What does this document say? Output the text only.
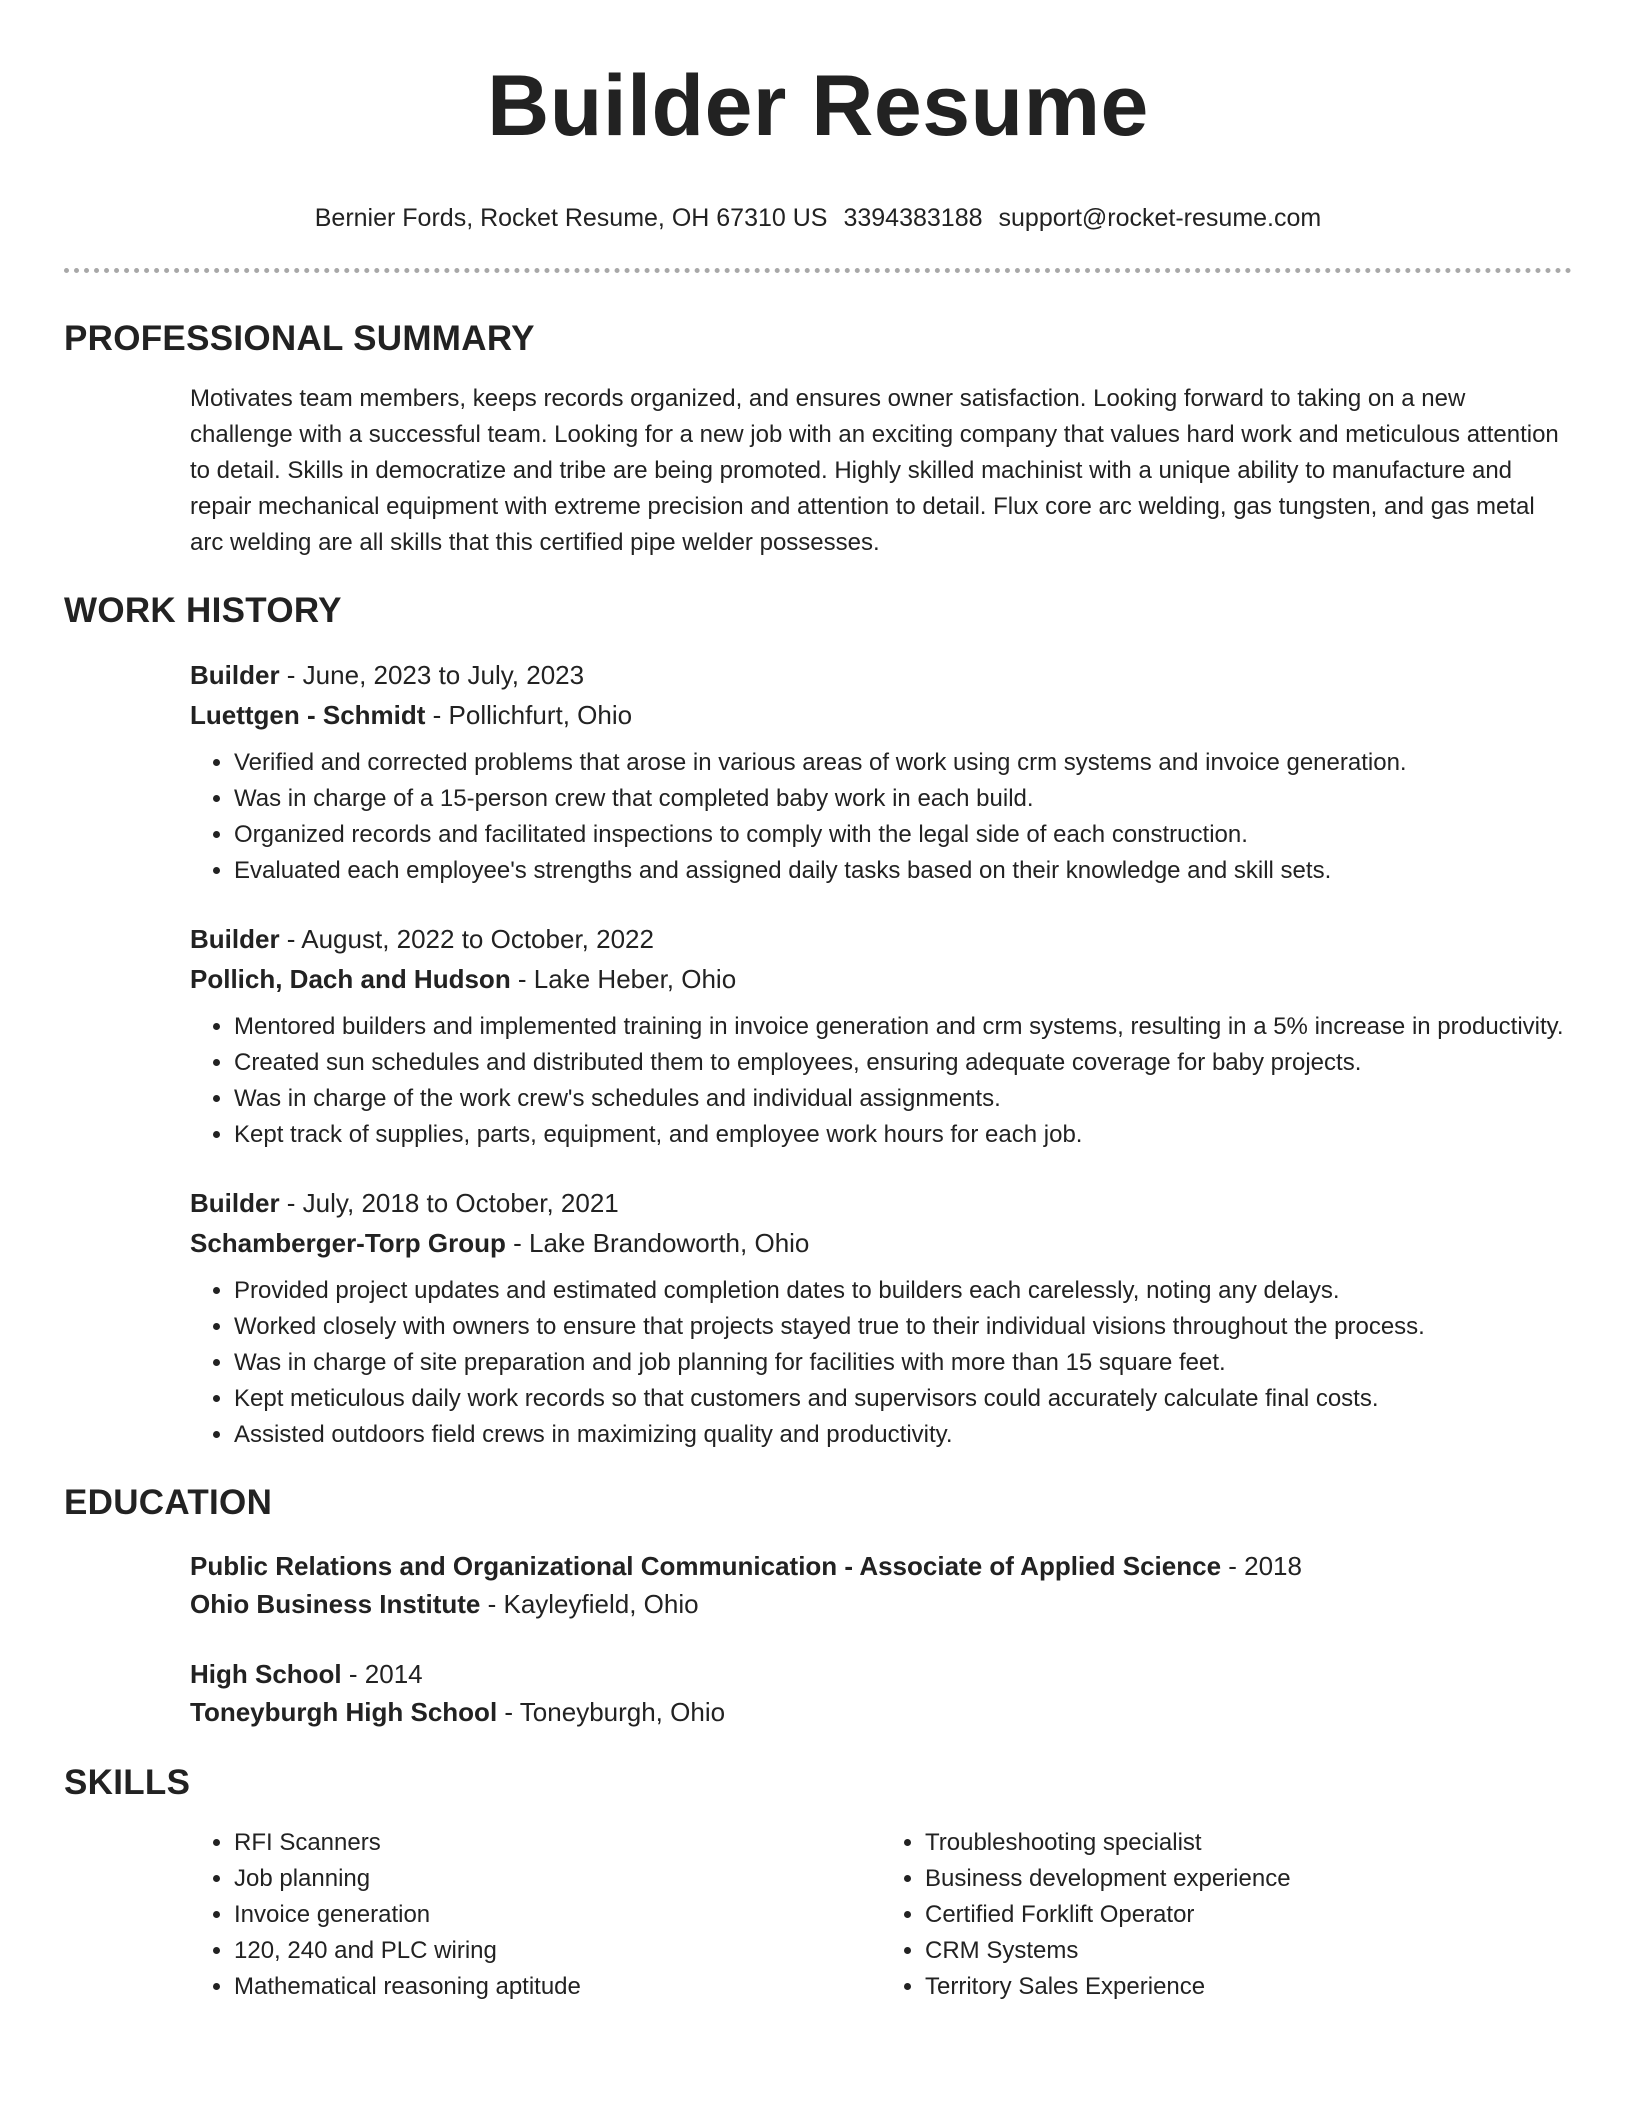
Builder Resume
Bernier Fords, Rocket Resume, OH 67310 US 3394383188 support@rocket-resume.com
PROFESSIONAL SUMMARY

Motivates team members, keeps records organized, and ensures owner satisfaction. Looking forward to taking on a new challenge with a successful team. Looking for a new job with an exciting company that values hard work and meticulous attention to detail. Skills in democratize and tribe are being promoted. Highly skilled machinist with a unique ability to manufacture and repair mechanical equipment with extreme precision and attention to detail. Flux core arc welding, gas tungsten, and gas metal arc welding are all skills that this certified pipe welder possesses.

WORK HISTORY

Builder - June, 2023 to July, 2023

Luettgen - Schmidt - Pollichfurt, Ohio

• Verified and corrected problems that arose in various areas of work using crm systems and invoice generation.
• Was in charge of a 15-person crew that completed baby work in each build.
• Organized records and facilitated inspections to comply with the legal side of each construction.
• Evaluated each employee's strengths and assigned daily tasks based on their knowledge and skill sets.

Builder - August, 2022 to October, 2022

Pollich, Dach and Hudson - Lake Heber, Ohio

• Mentored builders and implemented training in invoice generation and crm systems, resulting in a 5% increase in productivity.
• Created sun schedules and distributed them to employees, ensuring adequate coverage for baby projects.
• Was in charge of the work crew's schedules and individual assignments.
• Kept track of supplies, parts, equipment, and employee work hours for each job.

Builder - July, 2018 to October, 2021

Schamberger-Torp Group - Lake Brandoworth, Ohio

• Provided project updates and estimated completion dates to builders each carelessly, noting any delays.
• Worked closely with owners to ensure that projects stayed true to their individual visions throughout the process.
• Was in charge of site preparation and job planning for facilities with more than 15 square feet.
• Kept meticulous daily work records so that customers and supervisors could accurately calculate final costs.
• Assisted outdoors field crews in maximizing quality and productivity.
EDUCATION

Public Relations and Organizational Communication - Associate of Applied Science - 2018

Ohio Business Institute - Kayleyfield, Ohio

High School - 2014

Toneyburgh High School - Toneyburgh, Ohio

SKILLS
• RFI Scanners
• Job planning
• Invoice generation
• 120, 240 and PLC wiring
• Mathematical reasoning aptitude
• Troubleshooting specialist
• Business development experience
• Certified Forklift Operator
• CRM Systems
• Territory Sales Experience
